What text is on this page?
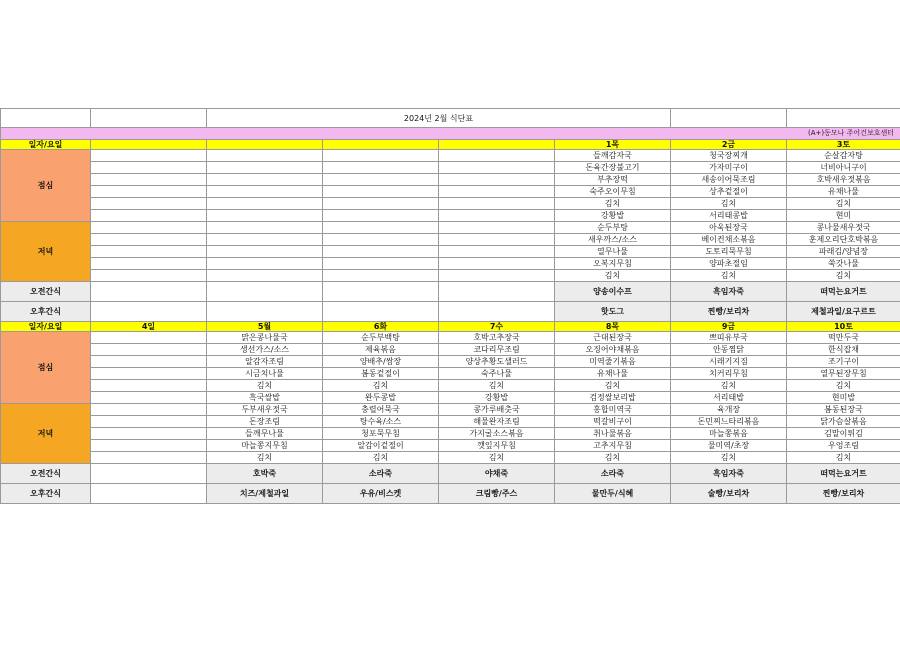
		2024년 2월 식단표					
(A+)동모나 주어건보호센터							
일자/요일					1목	2금	3토
점심					들깨감자국	청국장찌개	순살감자탕
					돈육간장불고기	가자미구이	너비아니구이
					부추장떡	새송이어묵조림	호박새우젓볶음
					숙주오이무침	상추겉절이	유채나물
					김치	김치	김치
					강황밥	서리태콩밥	현미
저녁					순두부탕	아욱된장국	콩나물새우젓국
					새우까스/소스	베이컨채소볶음	훈제오리단호박볶음
					열무나물	도토리묵무침	파래김/양념장
					오복지무침	양파초절임	쑥갓나물
					김치	김치	김치
오전간식					양송이수프	흑임자죽	떠먹는요거트
오후간식					핫도그	찐빵/보리차	제철과일/요구르트
일자/요일	4일	5월	6화	7수	8목	9금	10토
점심		맑은콩나물국	순두부백탕	호박고추장국	근대된장국	쁘띠유부국	떡만두국
		생선가스/소스	제육볶음	코다리무조림	오징어야채볶음	안동찜닭	한식잡채
		알감자조림	양배추/쌈장	양상추황도샐러드	미역줄기볶음	시래기지짐	조기구이
		시금치나물	봄동겉절이	숙주나물	유채나물	치커리무침	열무된장무침
		김치	김치	김치	김치	김치	김치
		흑국쌀밥	완두콩밥	강황밥	검정쌀보리밥	서리태밥	현미밥
저녁		두부새우젓국	충렬어묵국	콩가루배춧국	홍합미역국	육개장	봄동된장국
		돈장조림	탕수육/소스	해물완자조림	떡갈비구이	돈민찌느타리볶음	닭가슴살볶음
		들깨무나물	청포묵무침	가지굴소스볶음	취나물볶음	마늘쫑볶음	김말이튀김
		마늘쫑지무침	알감이겉절이	깻잎지무침	고추지무침	물미역/초장	우엉조림
		김치	김치	김치	김치	김치	김치
오전간식		호박죽	소라죽	야채죽	소라죽	흑임자죽	떠먹는요거트
오후간식		치즈/제철과일	우유/비스켓	크림빵/주스	물만두/식혜	술빵/보리차	찐빵/보리차
